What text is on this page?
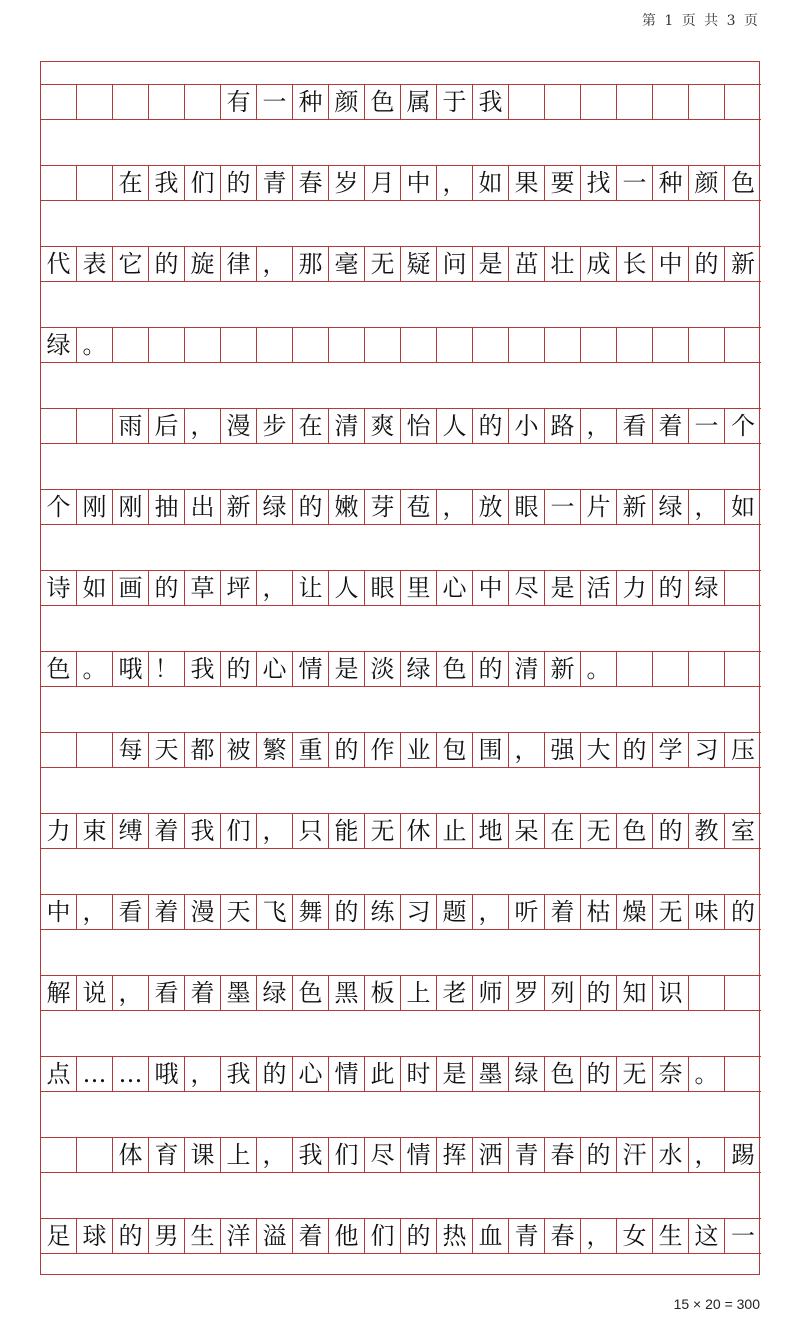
第 1 页 共 3 页
有 一 种 颜 色 属 于 我
在 我 们 的 青 春 岁 月 中 ， 如 果 要 找 一 种 颜 色
代 表 它 的 旋 律 ， 那 毫 无 疑 问 是 茁 壮 成 长 中 的 新
绿 。
雨 后 ， 漫 步 在 清 爽 怡 人 的 小 路 ， 看 着 一 个
个 刚 刚 抽 出 新 绿 的 嫩 芽 苞 ， 放 眼 一 片 新 绿 ， 如
诗 如 画 的 草 坪 ， 让 人 眼 里 心 中 尽 是 活 力 的 绿
色 。 哦 ！ 我 的 心 情 是 淡 绿 色 的 清 新 。
每 天 都 被 繁 重 的 作 业 包 围 ， 强 大 的 学 习 压
力 束 缚 着 我 们 ， 只 能 无 休 止 地 呆 在 无 色 的 教 室
中 ， 看 着 漫 天 飞 舞 的 练 习 题 ， 听 着 枯 燥 无 味 的
解 说 ， 看 着 墨 绿 色 黑 板 上 老 师 罗 列 的 知 识
点 … … 哦 ， 我 的 心 情 此 时 是 墨 绿 色 的 无 奈 。
体 育 课 上 ， 我 们 尽 情 挥 洒 青 春 的 汗 水 ， 踢
足 球 的 男 生 洋 溢 着 他 们 的 热 血 青 春 ， 女 生 这 一
15 × 20 = 300
